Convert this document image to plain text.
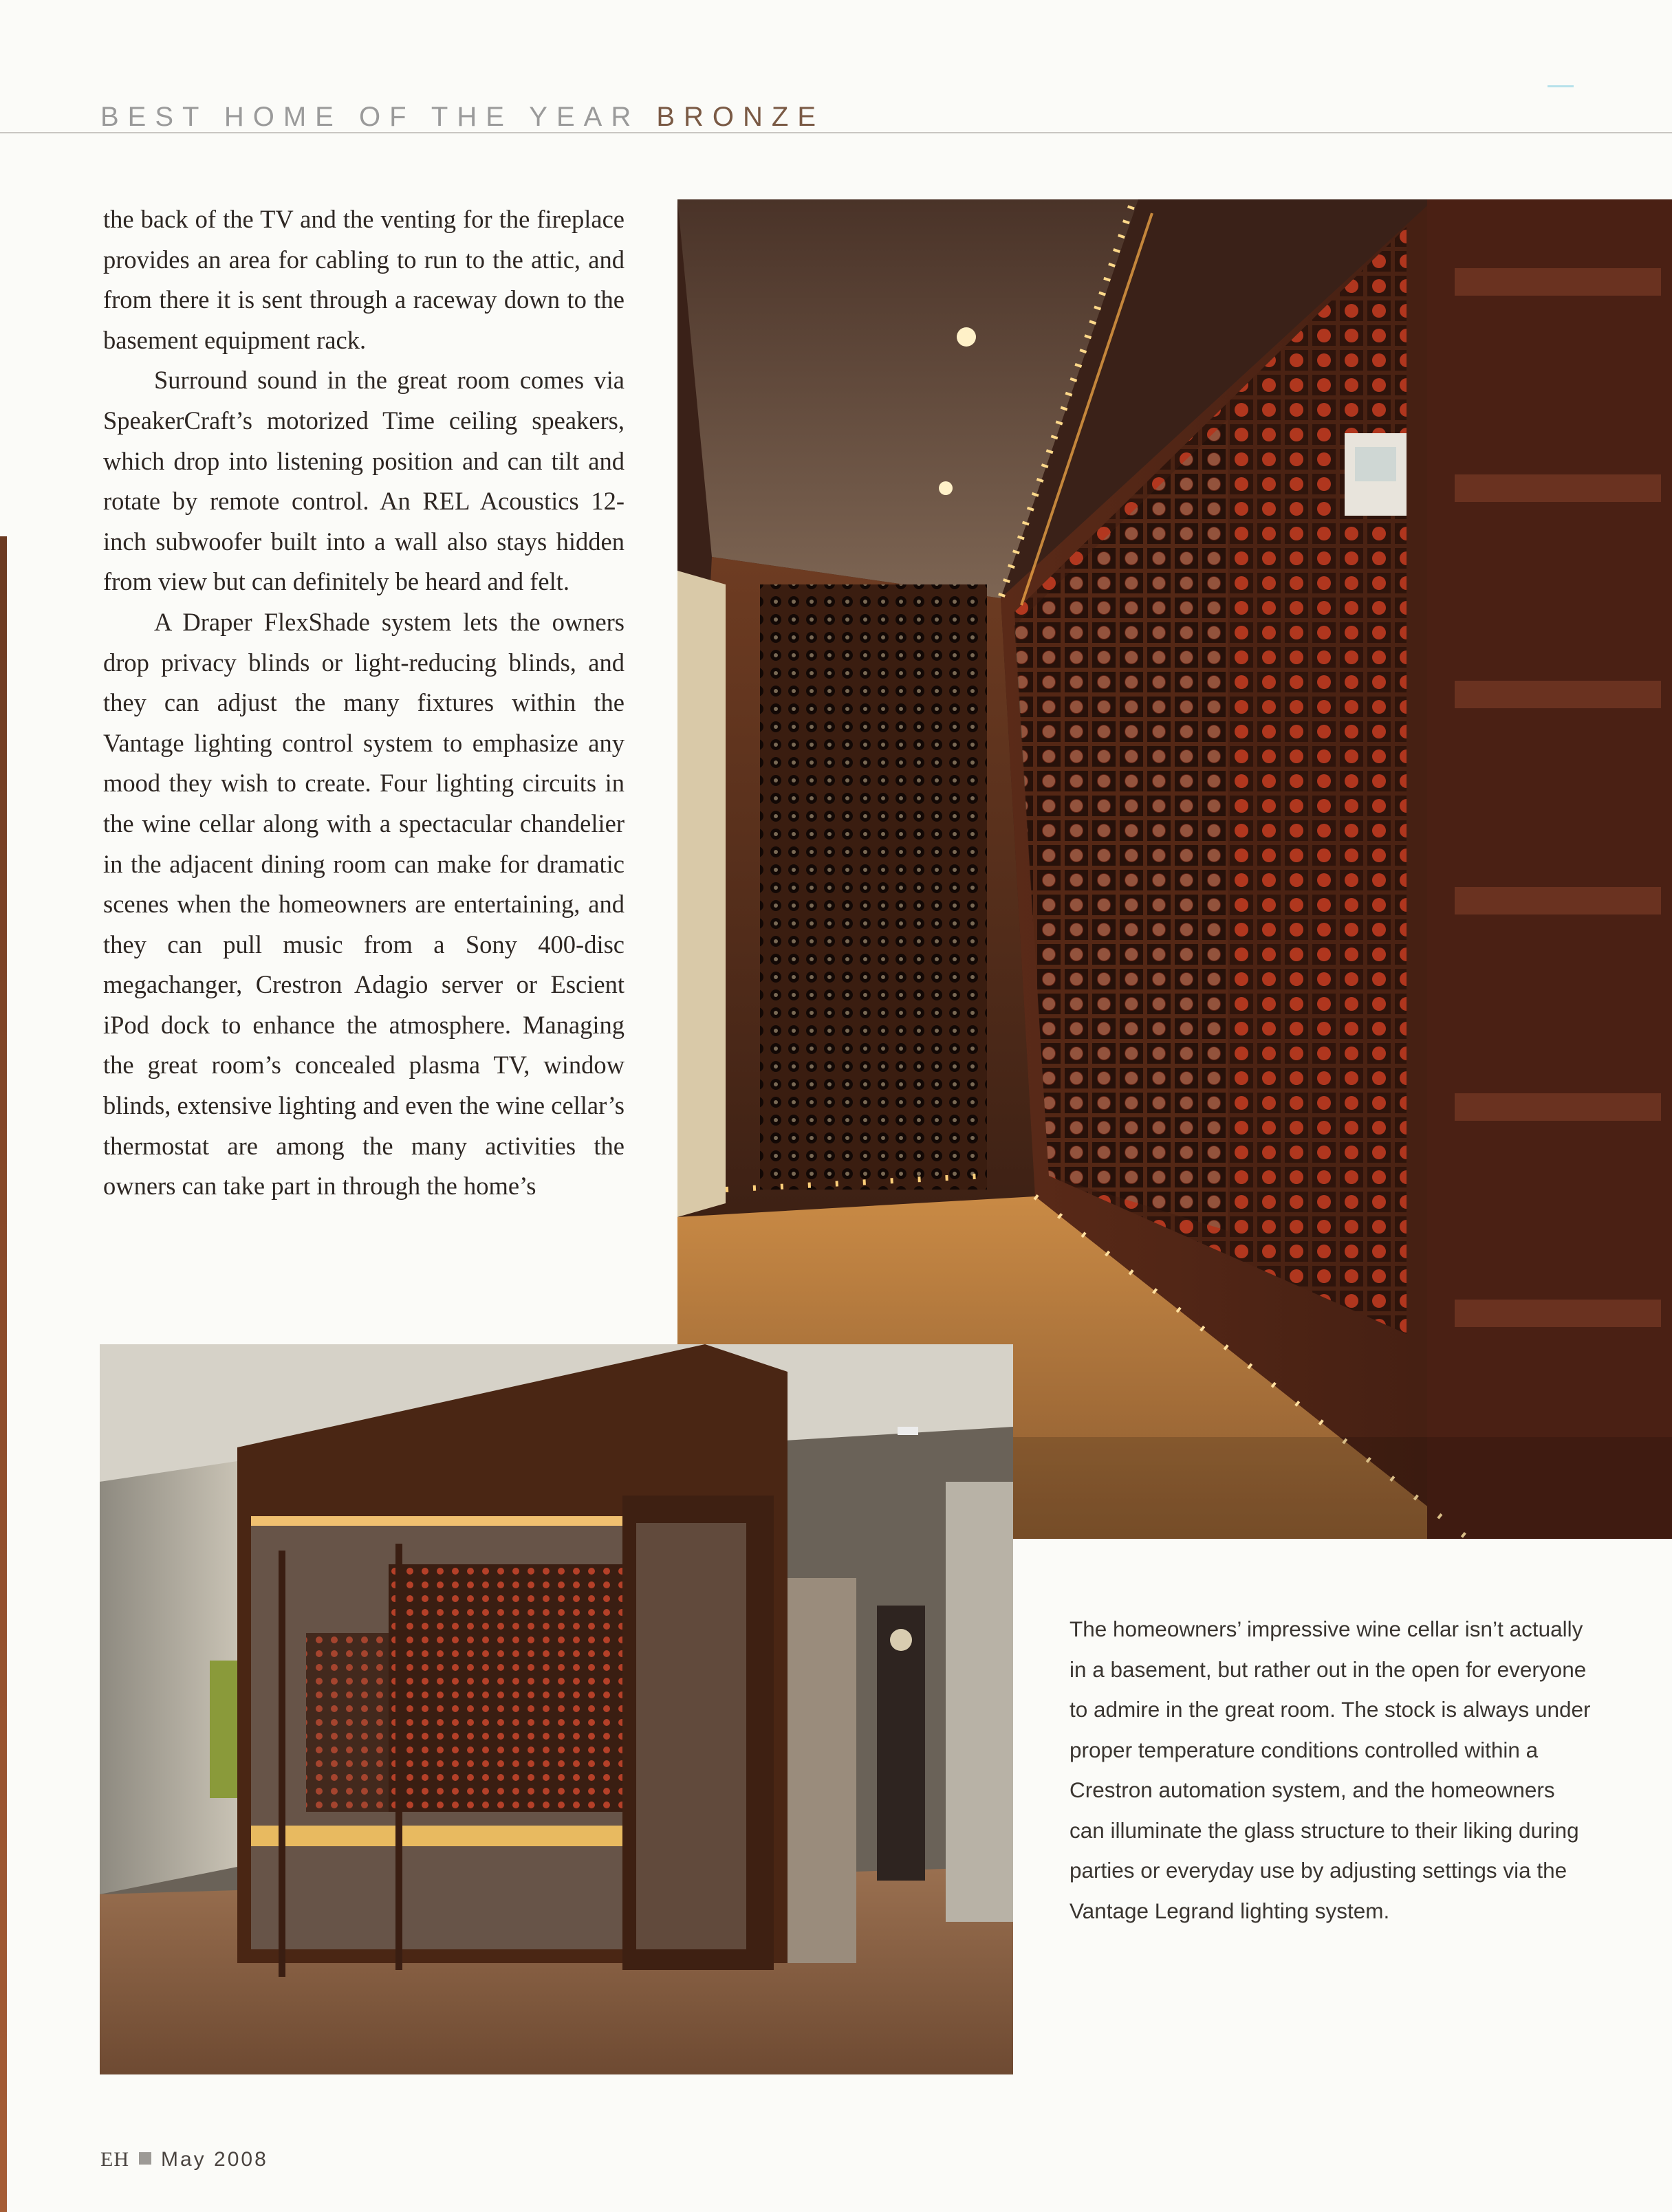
BEST HOME OF THE YEAR BRONZE

the back of the TV and the venting for the fireplace provides an area for cabling to run to the attic, and from there it is sent through a raceway down to the basement equipment rack.

Surround sound in the great room comes via SpeakerCraft’s motorized Time ceiling speakers, which drop into listening position and can tilt and rotate by remote control. An REL Acoustics 12-inch subwoofer built into a wall also stays hidden from view but can definitely be heard and felt.

A Draper FlexShade system lets the owners drop privacy blinds or light-reducing blinds, and they can adjust the many fixtures within the Vantage lighting control system to emphasize any mood they wish to create. Four lighting circuits in the wine cellar along with a spectacular chandelier in the adjacent dining room can make for dramatic scenes when the homeowners are entertaining, and they can pull music from a Sony 400-disc megachanger, Crestron Adagio server or Escient iPod dock to enhance the atmosphere. Managing the great room’s concealed plasma TV, window blinds, extensive lighting and even the wine cellar’s thermostat are among the many activities the owners can take part in through the home’s

The homeowners’ impressive wine cellar isn’t actually in a basement, but rather out in the open for everyone to admire in the great room. The stock is always under proper temperature conditions controlled within a Crestron automation system, and the homeowners can illuminate the glass structure to their liking during parties or everyday use by adjusting settings via the Vantage Legrand lighting system.
EH May 2008
